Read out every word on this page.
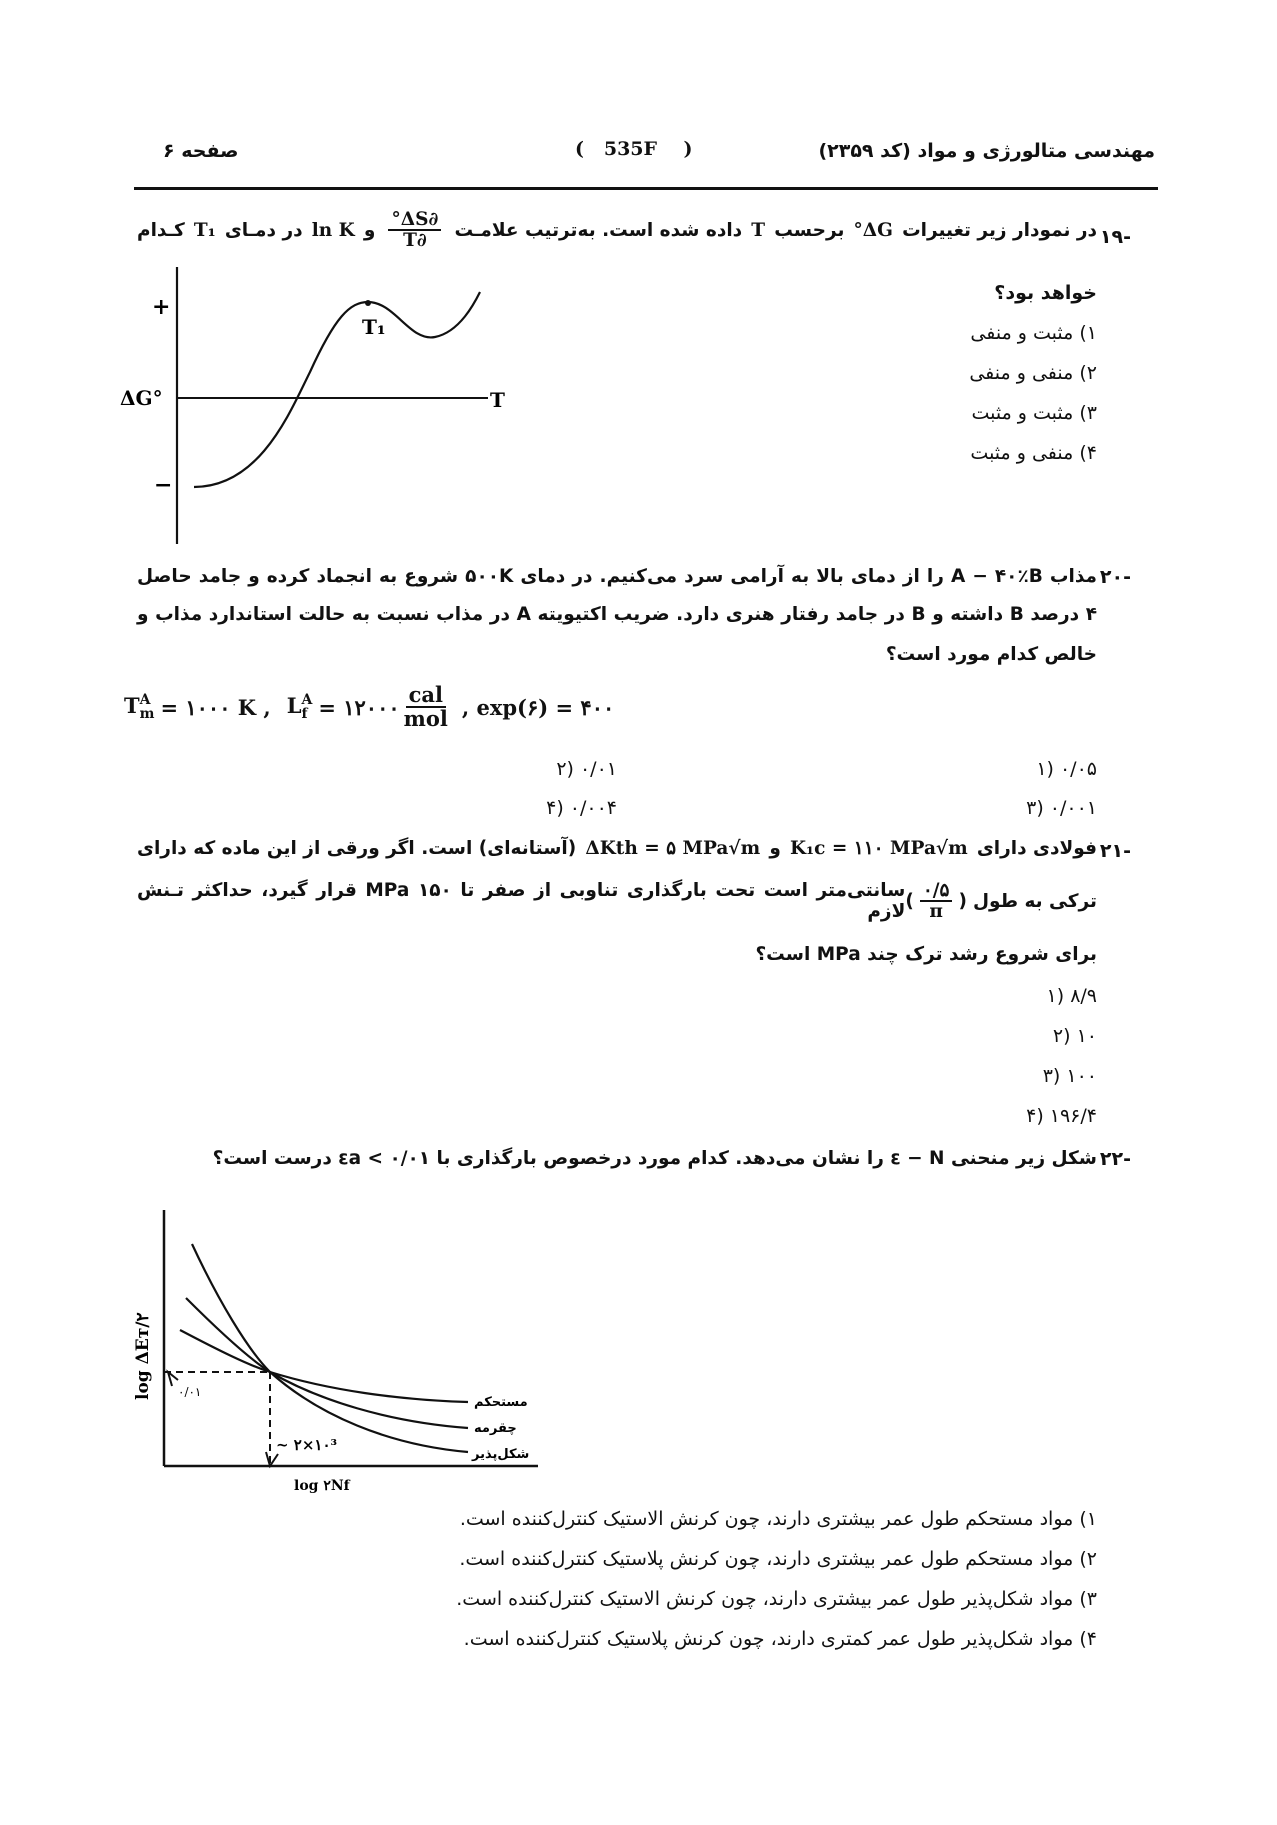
مهندسی متالورژی و مواد (کد ۲۳۵۹)
( 535F )
صفحه ۶
-۱۹
در نمودار زیر تغییرات
ΔG°
برحسب
T
داده شده است. به‌ترتیب علامـت
$\frac{\partial\Delta S^\circ}{\partial T}$
و
ln K
در دمـای
T₁
کـدام
خواهد بود؟
۱) مثبت و منفی
۲) منفی و منفی
۳) مثبت و مثبت
۴) منفی و مثبت
+
−
ΔG°	T
T₁
-۲۰
مذاب A − ۴۰٪B را از دمای بالا به آرامی سرد می‌کنیم. در دمای ۵۰۰K شروع به انجماد کرده و جامد حاصل
۴ درصد B داشته و B در جامد رفتار هنری دارد. ضریب اکتیویته A در مذاب نسبت به حالت استاندارد مذاب و
خالص کدام مورد است؟
T A
m = ۱۰۰۰ K , L A
f = ۱۲۰۰۰ $\frac{\text{cal}}{\text{mol}}$ , exp(۶) = ۴۰۰
۱) ۰/۰۵
۲) ۰/۰۱
۳) ۰/۰۰۱
۴) ۰/۰۰۴
-۲۱
فولادی دارای
K₁c = ۱۱۰ MPa√m
و
ΔKth = ۵ MPa√m
(آستانه‌ای) است. اگر ورقی از این ماده که دارای
ترکی به طول
(
$\frac{۰/۵}{\pi}$
)
سانتی‌متر است تحت بارگذاری تناوبی از صفر تا ۱۵۰ MPa قرار گیرد، حداکثر تـنش لازم
برای شروع رشد ترک چند MPa است؟
۱) ۸/۹
۲) ۱۰
۳) ۱۰۰
۴) ۱۹۶/۴
-۲۲
شکل زیر منحنی ε − N را نشان می‌دهد. کدام مورد درخصوص بارگذاری با ۰/۰۱ > εa درست است؟
log ΔEт/۲
log ۲Nf
۰/۰۱
~ ۲×۱۰³
مستحکم
چقرمه
شکل‌پذیر
۱) مواد مستحکم طول عمر بیشتری دارند، چون کرنش الاستیک کنترل‌کننده است.
۲) مواد مستحکم طول عمر بیشتری دارند، چون کرنش پلاستیک کنترل‌کننده است.
۳) مواد شکل‌پذیر طول عمر بیشتری دارند، چون کرنش الاستیک کنترل‌کننده است.
۴) مواد شکل‌پذیر طول عمر کمتری دارند، چون کرنش پلاستیک کنترل‌کننده است.
